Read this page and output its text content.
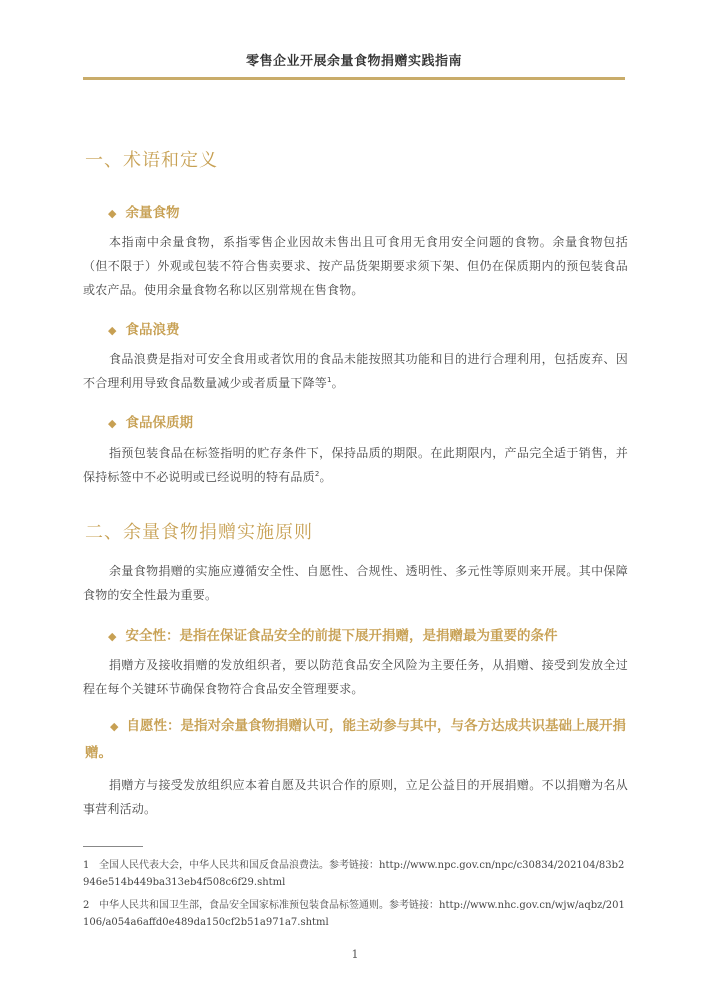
零售企业开展余量食物捐赠实践指南
一、术语和定义
◆ 余量食物
本指南中余量食物，系指零售企业因故未售出且可食用无食用安全问题的食物。余量食物包括（但不限于）外观或包装不符合售卖要求、按产品货架期要求须下架、但仍在保质期内的预包装食品或农产品。使用余量食物名称以区别常规在售食物。
◆ 食品浪费
食品浪费是指对可安全食用或者饮用的食品未能按照其功能和目的进行合理利用，包括废弃、因不合理利用导致食品数量减少或者质量下降等$^1$。
◆ 食品保质期
指预包装食品在标签指明的贮存条件下，保持品质的期限。在此期限内，产品完全适于销售，并保持标签中不必说明或已经说明的特有品质$^2$。
二、余量食物捐赠实施原则
余量食物捐赠的实施应遵循安全性、自愿性、合规性、透明性、多元性等原则来开展。其中保障食物的安全性最为重要。
◆ 安全性：是指在保证食品安全的前提下展开捐赠，是捐赠最为重要的条件
捐赠方及接收捐赠的发放组织者，要以防范食品安全风险为主要任务，从捐赠、接受到发放全过程在每个关键环节确保食物符合食品安全管理要求。
◆ 自愿性：是指对余量食物捐赠认可，能主动参与其中，与各方达成共识基础上展开捐赠。
捐赠方与接受发放组织应本着自愿及共识合作的原则，立足公益目的开展捐赠。不以捐赠为名从事营利活动。
1 全国人民代表大会，中华人民共和国反食品浪费法。参考链接：http://www.npc.gov.cn/npc/c30834/202104/83b2946e514b449ba313eb4f508c6f29.shtml
2 中华人民共和国卫生部，食品安全国家标准预包装食品标签通则。参考链接：http://www.nhc.gov.cn/wjw/aqbz/201106/a054a6affd0e489da150cf2b51a971a7.shtml
1
